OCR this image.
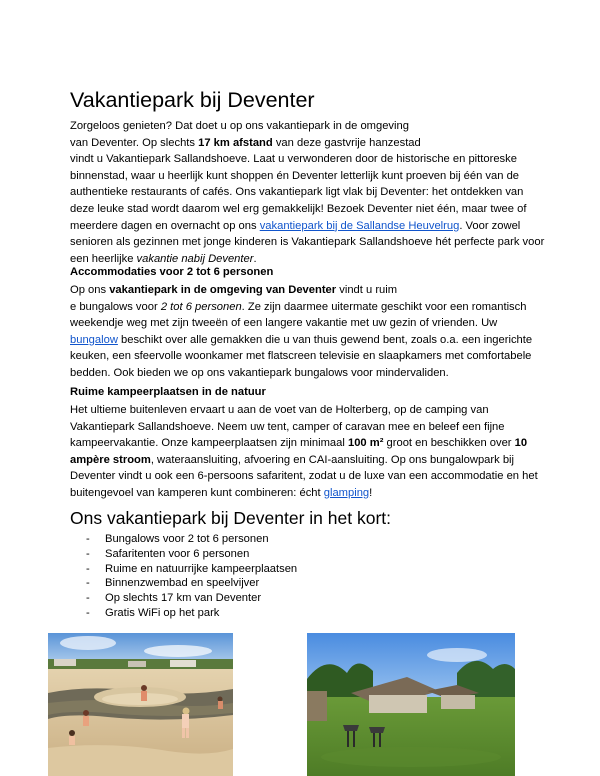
Vakantiepark bij Deventer
Zorgeloos genieten? Dat doet u op ons vakantiepark in de omgeving
van Deventer. Op slechts 17 km afstand van deze gastvrije hanzestad
vindt u Vakantiepark Sallandshoeve. Laat u verwonderen door de historische en pittoreske
binnenstad, waar u heerlijk kunt shoppen én Deventer letterlijk kunt proeven bij één van de
authentieke restaurants of cafés. Ons vakantiepark ligt vlak bij Deventer: het ontdekken van
deze leuke stad wordt daarom wel erg gemakkelijk! Bezoek Deventer niet één, maar twee of
meerdere dagen en overnacht op ons vakantiepark bij de Sallandse Heuvelrug. Voor zowel
senioren als gezinnen met jonge kinderen is Vakantiepark Sallandshoeve hét perfecte park voor
een heerlijke vakantie nabij Deventer.
Accommodaties voor 2 tot 6 personen
Op ons vakantiepark in de omgeving van Deventer vindt u ruim
e bungalows voor 2 tot 6 personen. Ze zijn daarmee uitermate geschikt voor een romantisch
weekendje weg met zijn tweeën of een langere vakantie met uw gezin of vrienden. Uw
bungalow beschikt over alle gemakken die u van thuis gewend bent, zoals o.a. een ingerichte
keuken, een sfeervolle woonkamer met flatscreen televisie en slaapkamers met comfortabele
bedden. Ook bieden we op ons vakantiepark bungalows voor mindervaliden.
Ruime kampeerplaatsen in de natuur
Het ultieme buitenleven ervaart u aan de voet van de Holterberg, op de camping van
Vakantiepark Sallandshoeve. Neem uw tent, camper of caravan mee en beleef een fijne
kampeervakantie. Onze kampeerplaatsen zijn minimaal 100 m² groot en beschikken over 10
ampère stroom, wateraansluiting, afvoering en CAI-aansluiting. Op ons bungalowpark bij
Deventer vindt u ook een 6-persoons safaritent, zodat u de luxe van een accommodatie en het
buitengevoel van kamperen kunt combineren: écht glamping!
Ons vakantiepark bij Deventer in het kort:
- Bungalows voor 2 tot 6 personen
- Safaritenten voor 6 personen
- Ruime en natuurrijke kampeerplaatsen
- Binnenzwembad en speelvijver
- Op slechts 17 km van Deventer
- Gratis WiFi op het park
